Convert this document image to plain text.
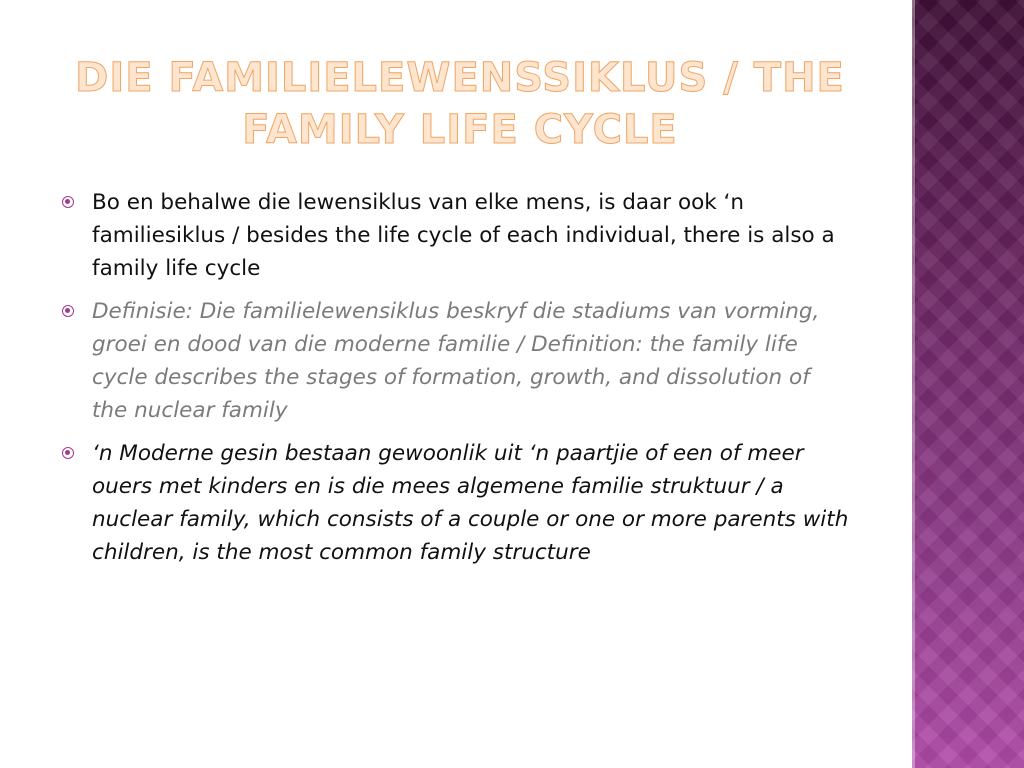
DIE FAMILIELEWENSSIKLUS / THE
FAMILY LIFE CYCLE
Bo en behalwe die lewensiklus van elke mens, is daar ook ‘n familiesiklus / besides the life cycle of each individual, there is also a family life cycle
Definisie: Die familielewensiklus beskryf die stadiums van vorming, groei en dood van die moderne familie / Definition: the family life cycle describes the stages of formation, growth, and dissolution of the nuclear family
‘n Moderne gesin bestaan gewoonlik uit ‘n paartjie of een of meer ouers met kinders en is die mees algemene familie struktuur / a nuclear family, which consists of a couple or one or more parents with children, is the most common family structure
